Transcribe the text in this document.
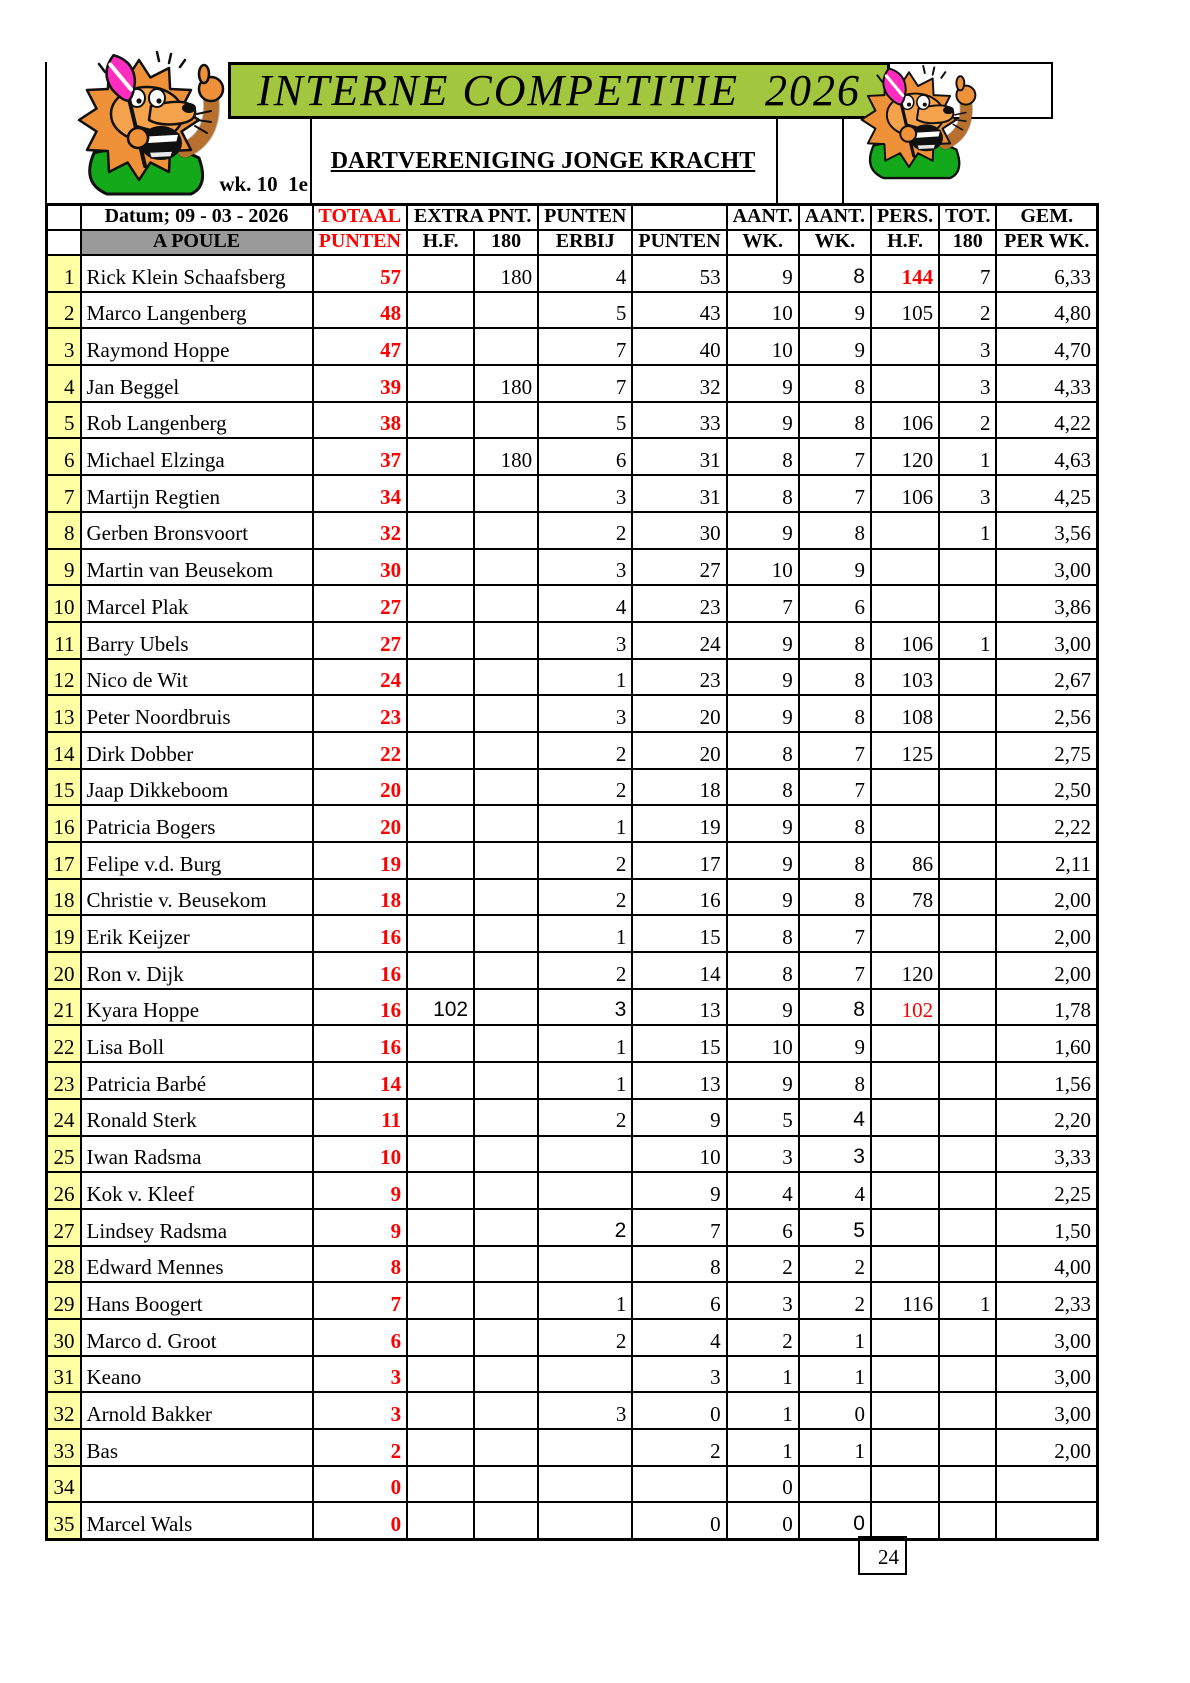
INTERNE COMPETITIE  2026
DARTVERENIGING JONGE KRACHT
wk. 10  1e
	Datum; 09 - 03 - 2026	TOTAAL	EXTRA PNT.		PUNTEN		AANT.	AANT.	PERS.	TOT.	GEM.
	A POULE	PUNTEN	H.F.	180	ERBIJ	PUNTEN	WK.	WK.	H.F.	180	PER WK.
1	Rick Klein Schaafsberg	57		180	4	53	9	8	144	7	6,33
2	Marco Langenberg	48			5	43	10	9	105	2	4,80
3	Raymond Hoppe	47			7	40	10	9		3	4,70
4	Jan Beggel	39		180	7	32	9	8		3	4,33
5	Rob Langenberg	38			5	33	9	8	106	2	4,22
6	Michael Elzinga	37		180	6	31	8	7	120	1	4,63
7	Martijn Regtien	34			3	31	8	7	106	3	4,25
8	Gerben Bronsvoort	32			2	30	9	8		1	3,56
9	Martin van Beusekom	30			3	27	10	9			3,00
10	Marcel Plak	27			4	23	7	6			3,86
11	Barry Ubels	27			3	24	9	8	106	1	3,00
12	Nico de Wit	24			1	23	9	8	103		2,67
13	Peter Noordbruis	23			3	20	9	8	108		2,56
14	Dirk Dobber	22			2	20	8	7	125		2,75
15	Jaap Dikkeboom	20			2	18	8	7			2,50
16	Patricia Bogers	20			1	19	9	8			2,22
17	Felipe v.d. Burg	19			2	17	9	8	86		2,11
18	Christie v. Beusekom	18			2	16	9	8	78		2,00
19	Erik Keijzer	16			1	15	8	7			2,00
20	Ron v. Dijk	16			2	14	8	7	120		2,00
21	Kyara Hoppe	16	102		3	13	9	8	102		1,78
22	Lisa Boll	16			1	15	10	9			1,60
23	Patricia Barbé	14			1	13	9	8			1,56
24	Ronald Sterk	11			2	9	5	4			2,20
25	Iwan Radsma	10				10	3	3			3,33
26	Kok v. Kleef	9				9	4	4			2,25
27	Lindsey Radsma	9			2	7	6	5			1,50
28	Edward Mennes	8				8	2	2			4,00
29	Hans Boogert	7			1	6	3	2	116	1	2,33
30	Marco d. Groot	6			2	4	2	1			3,00
31	Keano	3				3	1	1			3,00
32	Arnold Bakker	3			3	0	1	0			3,00
33	Bas	2				2	1	1			2,00
34		0					0				
35	Marcel Wals	0				0	0	0			
24
